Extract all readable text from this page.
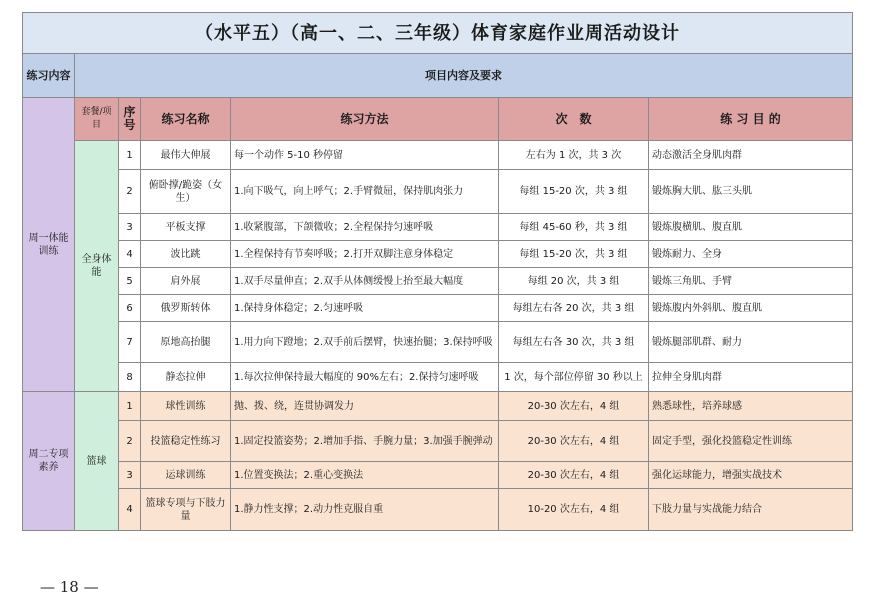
（水平五）（高一、二、三年级）体育家庭作业周活动设计						
练习内容	项目内容及要求					
周一体能训练	套餐/项目	序号	练习名称	练习方法	次　数	练 习 目 的
	全身体能	1	最伟大伸展	每一个动作 5-10 秒停留	左右为 1 次，共 3 次	动态激活全身肌肉群
		2	俯卧撑/跪姿（女生）	1.向下吸气，向上呼气；2.手臂微屈，保持肌肉张力	每组 15-20 次，共 3 组	锻炼胸大肌、肱三头肌
		3	平板支撑	1.收紧腹部，下颌微收；2.全程保持匀速呼吸	每组 45-60 秒，共 3 组	锻炼腹横肌、腹直肌
		4	波比跳	1.全程保持有节奏呼吸；2.打开双脚注意身体稳定	每组 15-20 次，共 3 组	锻炼耐力、全身
		5	肩外展	1.双手尽量伸直；2.双手从体侧缓慢上抬至最大幅度	每组 20 次，共 3 组	锻炼三角肌、手臂
		6	俄罗斯转体	1.保持身体稳定；2.匀速呼吸	每组左右各 20 次，共 3 组	锻炼腹内外斜肌、腹直肌
		7	原地高抬腿	1.用力向下蹬地；2.双手前后摆臂，快速抬腿；3.保持呼吸	每组左右各 30 次，共 3 组	锻炼腿部肌群、耐力
		8	静态拉伸	1.每次拉伸保持最大幅度的 90%左右；2.保持匀速呼吸	1 次，每个部位停留 30 秒以上	拉伸全身肌肉群
周二专项素养	篮球	1	球性训练	抛、拨、绕，连贯协调发力	20-30 次左右，4 组	熟悉球性，培养球感
		2	投篮稳定性练习	1.固定投篮姿势；2.增加手指、手腕力量；3.加强手腕弹动	20-30 次左右，4 组	固定手型，强化投篮稳定性训练
		3	运球训练	1.位置变换法；2.重心变换法	20-30 次左右，4 组	强化运球能力，增强实战技术
		4	篮球专项与下肢力量	1.静力性支撑；2.动力性克服自重	10-20 次左右，4 组	下肢力量与实战能力结合
— 18 —
